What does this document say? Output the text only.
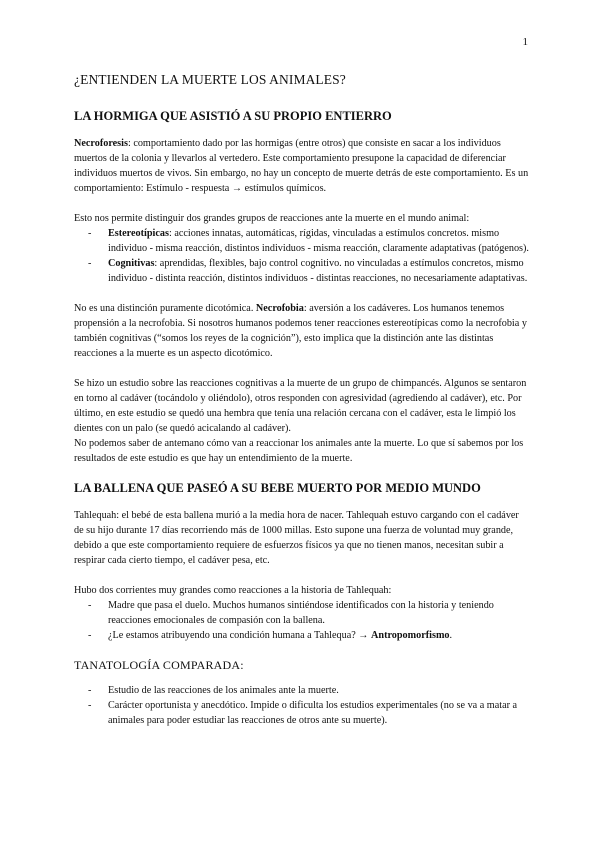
1
¿ENTIENDEN LA MUERTE LOS ANIMALES?
LA HORMIGA QUE ASISTIÓ A SU PROPIO ENTIERRO

Necroforesis: comportamiento dado por las hormigas (entre otros) que consiste en sacar a los individuos muertos de la colonia y llevarlos al vertedero. Este comportamiento presupone la capacidad de diferenciar individuos muertos de vivos. Sin embargo, no hay un concepto de muerte detrás de este comportamiento. Es un comportamiento: Estímulo - respuesta → estímulos químicos.

Esto nos permite distinguir dos grandes grupos de reacciones ante la muerte en el mundo animal:

- Estereotípicas: acciones innatas, automáticas, rígidas, vinculadas a estímulos concretos. mismo individuo - misma reacción, distintos individuos - misma reacción, claramente adaptativas (patógenos).
- Cognitivas: aprendidas, flexibles, bajo control cognitivo. no vinculadas a estímulos concretos, mismo individuo - distinta reacción, distintos individuos - distintas reacciones, no necesariamente adaptativas.

No es una distinción puramente dicotómica. Necrofobia: aversión a los cadáveres. Los humanos tenemos propensión a la necrofobia. Si nosotros humanos podemos tener reacciones estereotípicas como la necrofobia y también cognitivas (“somos los reyes de la cognición”), esto implica que la distinción ante las distintas reacciones a la muerte es un aspecto dicotómico.

Se hizo un estudio sobre las reacciones cognitivas a la muerte de un grupo de chimpancés. Algunos se sentaron en torno al cadáver (tocándolo y oliéndolo), otros responden con agresividad (agrediendo al cadáver), etc. Por último, en este estudio se quedó una hembra que tenía una relación cercana con el cadáver, esta le limpió los dientes con un palo (se quedó acicalando al cadáver).

No podemos saber de antemano cómo van a reaccionar los animales ante la muerte. Lo que sí sabemos por los resultados de este estudio es que hay un entendimiento de la muerte.

LA BALLENA QUE PASEÓ A SU BEBE MUERTO POR MEDIO MUNDO

Tahlequah: el bebé de esta ballena murió a la media hora de nacer. Tahlequah estuvo cargando con el cadáver de su hijo durante 17 días recorriendo más de 1000 millas. Esto supone una fuerza de voluntad muy grande, debido a que este comportamiento requiere de esfuerzos físicos ya que no tienen manos, necesitan subir a respirar cada cierto tiempo, el cadáver pesa, etc.

Hubo dos corrientes muy grandes como reacciones a la historia de Tahlequah:

- Madre que pasa el duelo. Muchos humanos sintiéndose identificados con la historia y teniendo reacciones emocionales de compasión con la ballena.
- ¿Le estamos atribuyendo una condición humana a Tahlequa? → Antropomorfismo.
TANATOLOGÍA COMPARADA:
- Estudio de las reacciones de los animales ante la muerte.
- Carácter oportunista y anecdótico. Impide o dificulta los estudios experimentales (no se va a matar a animales para poder estudiar las reacciones de otros ante su muerte).
